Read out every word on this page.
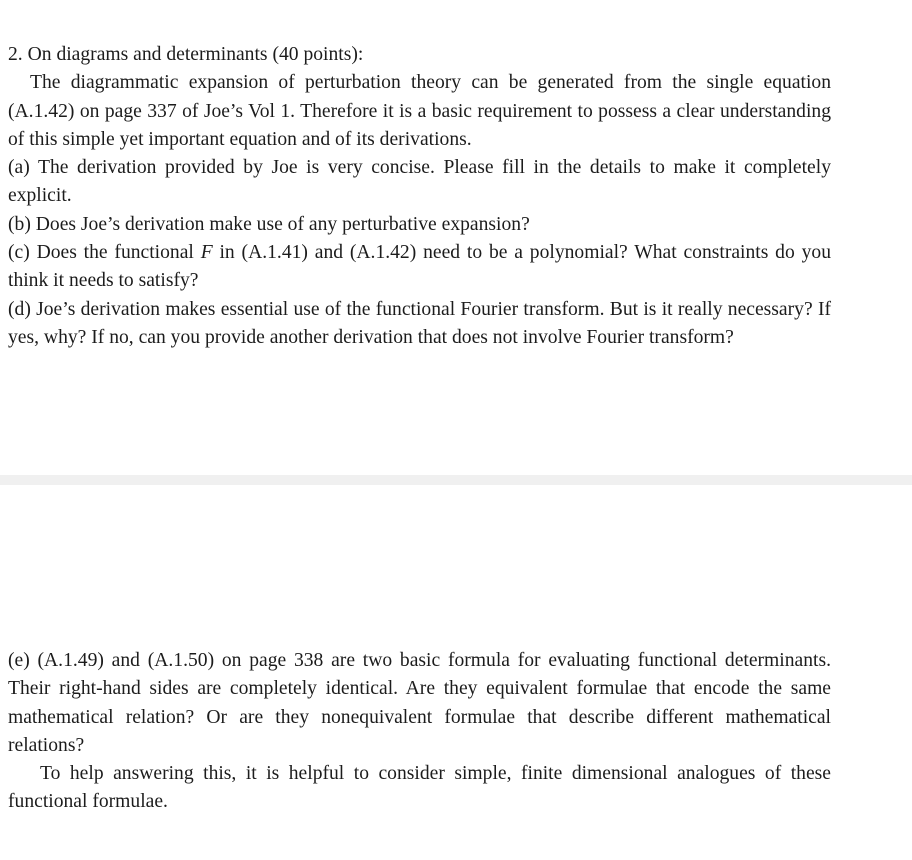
2. On diagrams and determinants (40 points):

The diagrammatic expansion of perturbation theory can be generated from the single equation (A.1.42) on page 337 of Joe’s Vol 1. Therefore it is a basic requirement to possess a clear understanding of this simple yet important equation and of its derivations.

(a) The derivation provided by Joe is very concise. Please fill in the details to make it completely explicit.

(b) Does Joe’s derivation make use of any perturbative expansion?

(c) Does the functional F in (A.1.41) and (A.1.42) need to be a polynomial? What constraints do you think it needs to satisfy?

(d) Joe’s derivation makes essential use of the functional Fourier transform. But is it really necessary? If yes, why? If no, can you provide another derivation that does not involve Fourier transform?

(e) (A.1.49) and (A.1.50) on page 338 are two basic formula for evaluating functional determinants. Their right-hand sides are completely identical. Are they equivalent formulae that encode the same mathematical relation? Or are they nonequivalent formulae that describe different mathematical relations?

To help answering this, it is helpful to consider simple, finite dimensional analogues of these functional formulae.
